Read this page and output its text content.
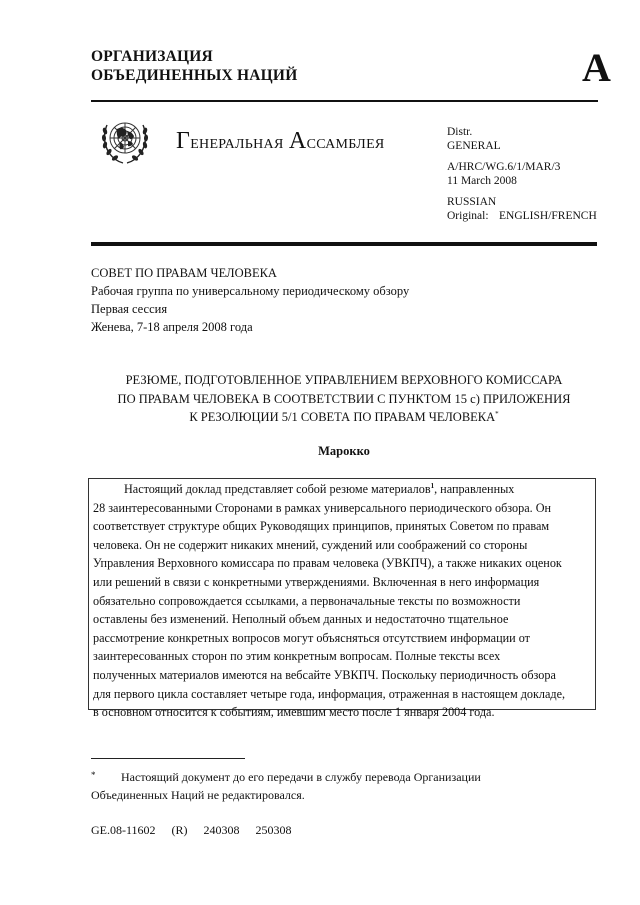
ОРГАНИЗАЦИЯ
ОБЪЕДИНЕННЫХ НАЦИЙ	A
Генеральная Ассамблея	Distr.
GENERAL
A/HRC/WG.6/1/MAR/3
11 March 2008
RUSSIAN
Original: ENGLISH/FRENCH
СОВЕТ ПО ПРАВАМ ЧЕЛОВЕКА
Рабочая группа по универсальному периодическому обзору
Первая сессия
Женева, 7-18 апреля 2008 года
РЕЗЮМЕ, ПОДГОТОВЛЕННОЕ УПРАВЛЕНИЕМ ВЕРХОВНОГО КОМИССАРА
ПО ПРАВАМ ЧЕЛОВЕКА В СООТВЕТСТВИИ С ПУНКТОМ 15 с) ПРИЛОЖЕНИЯ
К РЕЗОЛЮЦИИ 5/1 СОВЕТА ПО ПРАВАМ ЧЕЛОВЕКА*
Марокко
Настоящий доклад представляет собой резюме материалов$^1$, направленных
28 заинтересованными Сторонами в рамках универсального периодического обзора. Он
соответствует структуре общих Руководящих принципов, принятых Советом по правам
человека. Он не содержит никаких мнений, суждений или соображений со стороны
Управления Верховного комиссара по правам человека (УВКПЧ), а также никаких оценок
или решений в связи с конкретными утверждениями. Включенная в него информация
обязательно сопровождается ссылками, а первоначальные тексты по возможности
оставлены без изменений. Неполный объем данных и недостаточно тщательное
рассмотрение конкретных вопросов могут объясняться отсутствием информации от
заинтересованных сторон по этим конкретным вопросам. Полные тексты всех
полученных материалов имеются на вебсайте УВКПЧ. Поскольку периодичность обзора
для первого цикла составляет четыре года, информация, отраженная в настоящем докладе,
в основном относится к событиям, имевшим место после 1 января 2004 года.
* Настоящий документ до его передачи в службу перевода Организации
Объединенных Наций не редактировался.
GE.08-11602 (R) 240308 250308
